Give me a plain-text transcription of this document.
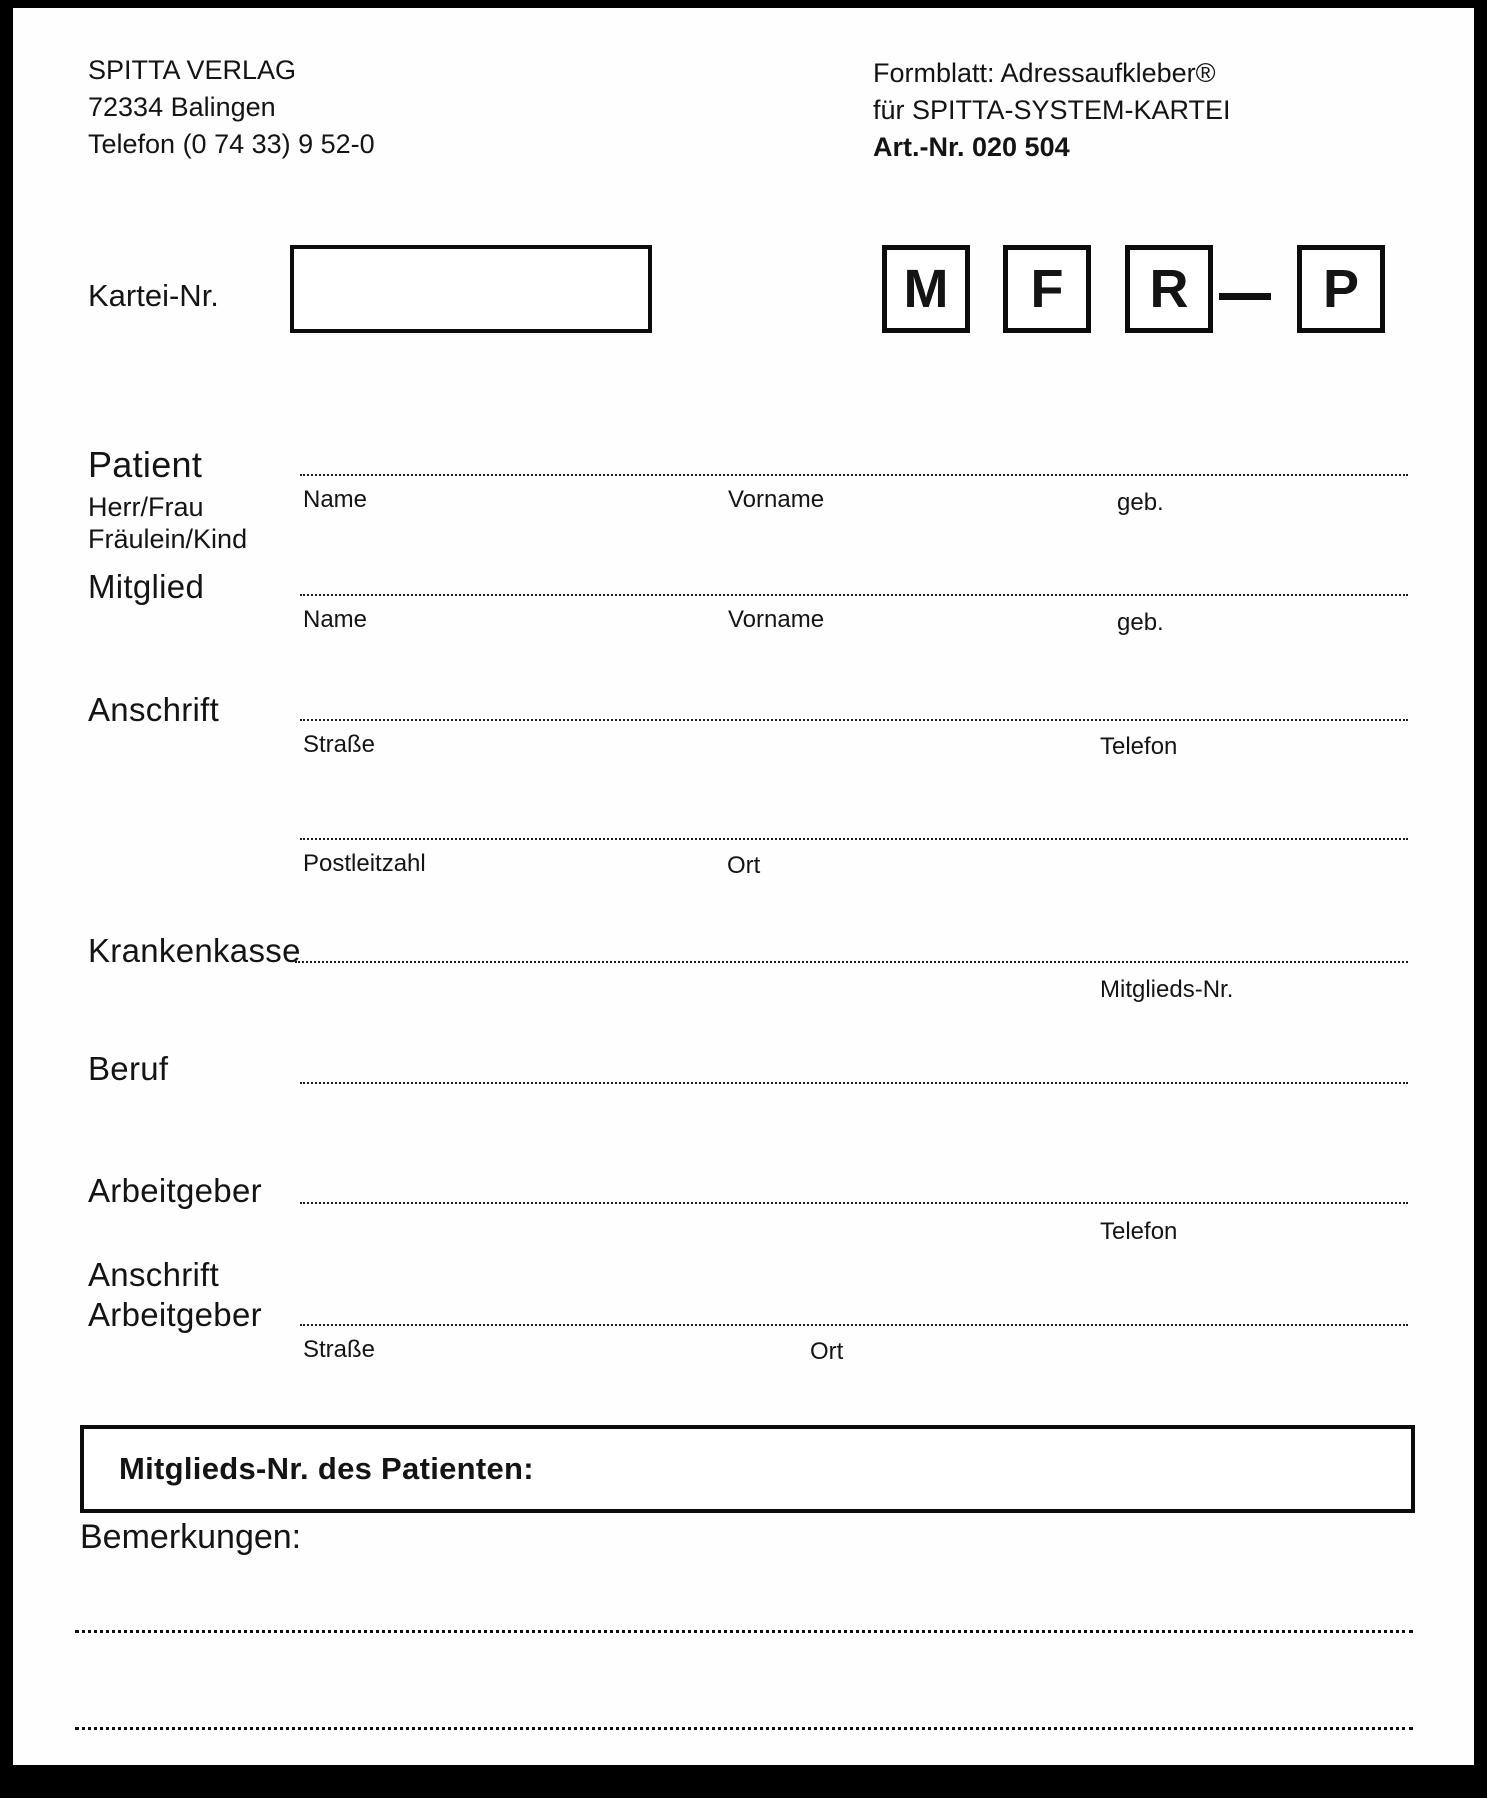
SPITTA VERLAG
72334 Balingen
Telefon (0 74 33) 9 52-0
Formblatt: Adressaufkleber®
für SPITTA-SYSTEM-KARTEI
Art.-Nr. 020 504
Kartei-Nr.	M F R P
Patient
Herr/Frau
Fräulein/Kind
Name	Vorname	geb.
Mitglied
Name	Vorname	geb.
Anschrift
Straße	Telefon
Postleitzahl	Ort
Krankenkasse
Mitglieds-Nr.
Beruf
Arbeitgeber
Telefon
Anschrift
Arbeitgeber
Straße	Ort
Mitglieds-Nr. des Patienten:
Bemerkungen:
